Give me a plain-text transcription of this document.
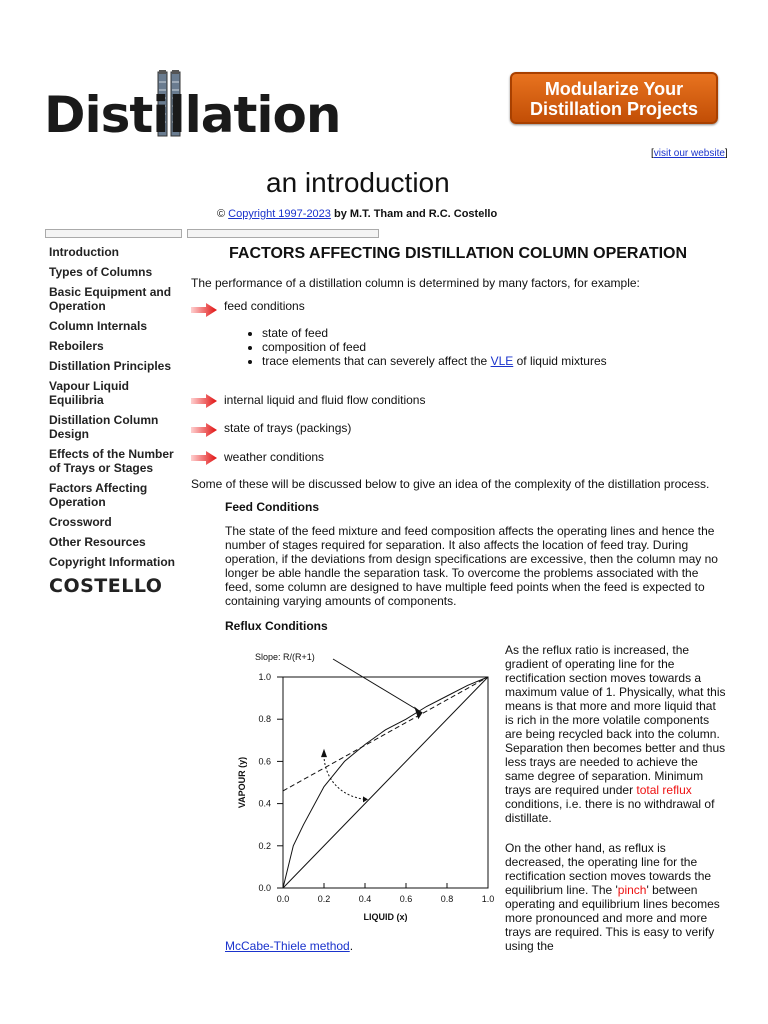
Distillation	Modularize Your
Distillation Projects
[visit our website]
an introduction
© Copyright 1997-2023 by M.T. Tham and R.C. Costello
Introduction
Types of Columns
Basic Equipment and Operation
Column Internals
Reboilers
Distillation Principles
Vapour Liquid Equilibria
Distillation Column Design
Effects of the Number of Trays or Stages
Factors Affecting Operation
Crossword
Other Resources
Copyright Information
COSTELLO
FACTORS AFFECTING DISTILLATION COLUMN OPERATION

The performance of a distillation column is determined by many factors, for example:

feed conditions
• state of feed
• composition of feed
• trace elements that can severely affect the VLE of liquid mixtures
internal liquid and fluid flow conditions
state of trays (packings)
weather conditions

Some of these will be discussed below to give an idea of the complexity of the distillation process.

Feed Conditions

The state of the feed mixture and feed composition affects the operating lines and hence the number of stages required for separation. It also affects the location of feed tray. During operation, if the deviations from design specifications are excessive, then the column may no longer be able handle the separation task. To overcome the problems associated with the feed, some column are designed to have multiple feed points when the feed is expected to containing varying amounts of components.

Reflux Conditions
0.0	0.2	0.4	0.6	0.8	1.0
0.0
0.2
0.4
0.6
0.8
1.0
LIQUID (x)
VAPOUR (y)
Slope: R/(R+1)	As the reflux ratio is increased, the gradient of operating line for the rectification section moves towards a maximum value of 1. Physically, what this means is that more and more liquid that is rich in the more volatile components are being recycled back into the column. Separation then becomes better and thus less trays are needed to achieve the same degree of separation. Minimum trays are required under total reflux conditions, i.e. there is no withdrawal of distillate.

On the other hand, as reflux is decreased, the operating line for the rectification section moves towards the equilibrium line. The 'pinch' between operating and equilibrium lines becomes more pronounced and more and more trays are required. This is easy to verify using the

McCabe-Thiele method.
